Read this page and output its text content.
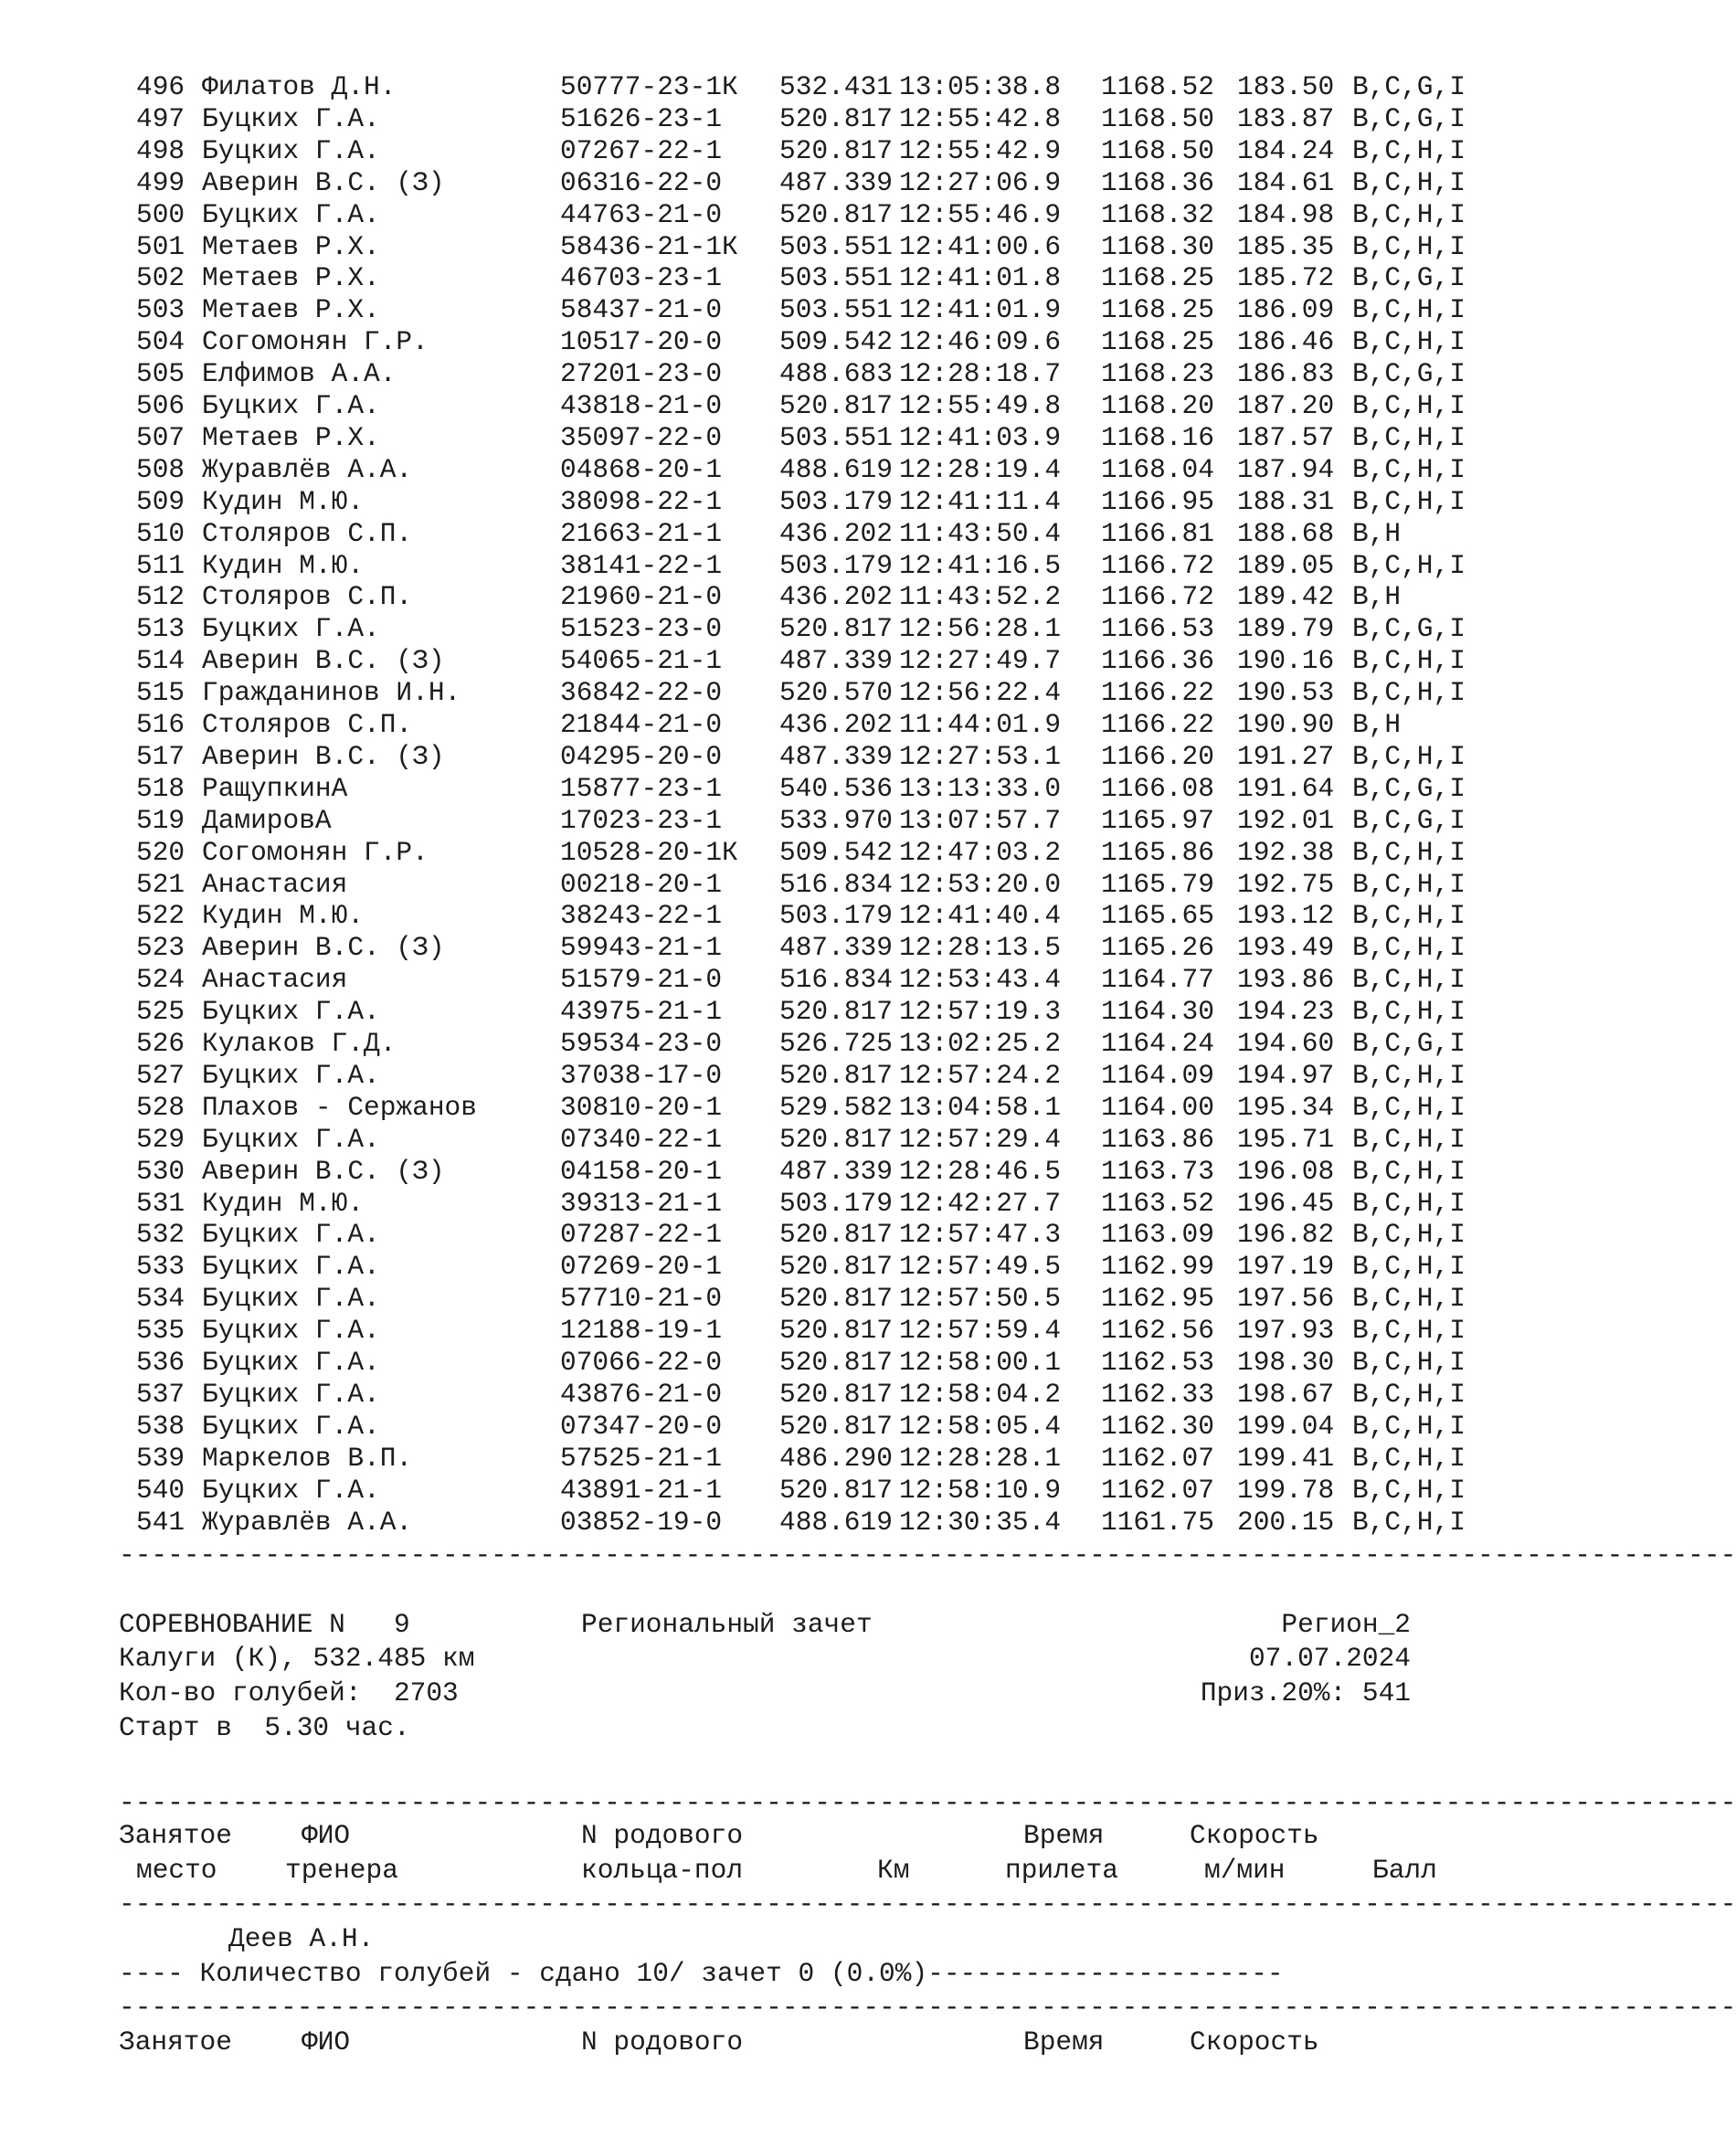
496 Филатов Д.Н.	50777-23-1К 532.431 13:05:38.8 1168.52 183.50 B,C,G,I
497 Буцких Г.А.	51626-23-1 520.817 12:55:42.8 1168.50 183.87 B,C,G,I
498 Буцких Г.А.	07267-22-1 520.817 12:55:42.9 1168.50 184.24 B,C,H,I
499 Аверин В.С. (З)	06316-22-0 487.339 12:27:06.9 1168.36 184.61 B,C,H,I
500 Буцких Г.А.	44763-21-0 520.817 12:55:46.9 1168.32 184.98 B,C,H,I
501 Метаев Р.Х.	58436-21-1К 503.551 12:41:00.6 1168.30 185.35 B,C,H,I
502 Метаев Р.Х.	46703-23-1 503.551 12:41:01.8 1168.25 185.72 B,C,G,I
503 Метаев Р.Х.	58437-21-0 503.551 12:41:01.9 1168.25 186.09 B,C,H,I
504 Согомонян Г.Р.	10517-20-0 509.542 12:46:09.6 1168.25 186.46 B,C,H,I
505 Елфимов А.А.	27201-23-0 488.683 12:28:18.7 1168.23 186.83 B,C,G,I
506 Буцких Г.А.	43818-21-0 520.817 12:55:49.8 1168.20 187.20 B,C,H,I
507 Метаев Р.Х.	35097-22-0 503.551 12:41:03.9 1168.16 187.57 B,C,H,I
508 Журавлёв А.А.	04868-20-1 488.619 12:28:19.4 1168.04 187.94 B,C,H,I
509 Кудин М.Ю.	38098-22-1 503.179 12:41:11.4 1166.95 188.31 B,C,H,I
510 Столяров С.П.	21663-21-1 436.202 11:43:50.4 1166.81 188.68 B,H
511 Кудин М.Ю.	38141-22-1 503.179 12:41:16.5 1166.72 189.05 B,C,H,I
512 Столяров С.П.	21960-21-0 436.202 11:43:52.2 1166.72 189.42 B,H
513 Буцких Г.А.	51523-23-0 520.817 12:56:28.1 1166.53 189.79 B,C,G,I
514 Аверин В.С. (З)	54065-21-1 487.339 12:27:49.7 1166.36 190.16 B,C,H,I
515 Гражданинов И.Н.	36842-22-0 520.570 12:56:22.4 1166.22 190.53 B,C,H,I
516 Столяров С.П.	21844-21-0 436.202 11:44:01.9 1166.22 190.90 B,H
517 Аверин В.С. (З)	04295-20-0 487.339 12:27:53.1 1166.20 191.27 B,C,H,I
518 РащупкинА	15877-23-1 540.536 13:13:33.0 1166.08 191.64 B,C,G,I
519 ДамировА	17023-23-1 533.970 13:07:57.7 1165.97 192.01 B,C,G,I
520 Согомонян Г.Р.	10528-20-1К 509.542 12:47:03.2 1165.86 192.38 B,C,H,I
521 Анастасия	00218-20-1 516.834 12:53:20.0 1165.79 192.75 B,C,H,I
522 Кудин М.Ю.	38243-22-1 503.179 12:41:40.4 1165.65 193.12 B,C,H,I
523 Аверин В.С. (З)	59943-21-1 487.339 12:28:13.5 1165.26 193.49 B,C,H,I
524 Анастасия	51579-21-0 516.834 12:53:43.4 1164.77 193.86 B,C,H,I
525 Буцких Г.А.	43975-21-1 520.817 12:57:19.3 1164.30 194.23 B,C,H,I
526 Кулаков Г.Д.	59534-23-0 526.725 13:02:25.2 1164.24 194.60 B,C,G,I
527 Буцких Г.А.	37038-17-0 520.817 12:57:24.2 1164.09 194.97 B,C,H,I
528 Плахов - Сержанов	30810-20-1 529.582 13:04:58.1 1164.00 195.34 B,C,H,I
529 Буцких Г.А.	07340-22-1 520.817 12:57:29.4 1163.86 195.71 B,C,H,I
530 Аверин В.С. (З)	04158-20-1 487.339 12:28:46.5 1163.73 196.08 B,C,H,I
531 Кудин М.Ю.	39313-21-1 503.179 12:42:27.7 1163.52 196.45 B,C,H,I
532 Буцких Г.А.	07287-22-1 520.817 12:57:47.3 1163.09 196.82 B,C,H,I
533 Буцких Г.А.	07269-20-1 520.817 12:57:49.5 1162.99 197.19 B,C,H,I
534 Буцких Г.А.	57710-21-0 520.817 12:57:50.5 1162.95 197.56 B,C,H,I
535 Буцких Г.А.	12188-19-1 520.817 12:57:59.4 1162.56 197.93 B,C,H,I
536 Буцких Г.А.	07066-22-0 520.817 12:58:00.1 1162.53 198.30 B,C,H,I
537 Буцких Г.А.	43876-21-0 520.817 12:58:04.2 1162.33 198.67 B,C,H,I
538 Буцких Г.А.	07347-20-0 520.817 12:58:05.4 1162.30 199.04 B,C,H,I
539 Маркелов В.П.	57525-21-1 486.290 12:28:28.1 1162.07 199.41 B,C,H,I
540 Буцких Г.А.	43891-21-1 520.817 12:58:10.9 1162.07 199.78 B,C,H,I
541 Журавлёв А.А.	03852-19-0 488.619 12:30:35.4 1161.75 200.15 B,C,H,I
----------------------------------------------------------------------------------------------------
СОРЕВНОВАНИЕ N   9	Региональный зачет	Регион_2
Калуги (К), 532.485 км	07.07.2024
Кол-во голубей:  2703	Приз.20%: 541
Старт в  5.30 час.
----------------------------------------------------------------------------------------------------
Занятое	ФИО	N родового	Время	Скорость
место	тренера	кольца-пол	Км	прилета	м/мин	Балл
----------------------------------------------------------------------------------------------------
Деев А.Н.
---- Количество голубей - сдано 10/ зачет 0 (0.0%)----------------------
----------------------------------------------------------------------------------------------------
Занятое	ФИО	N родового	Время	Скорость
